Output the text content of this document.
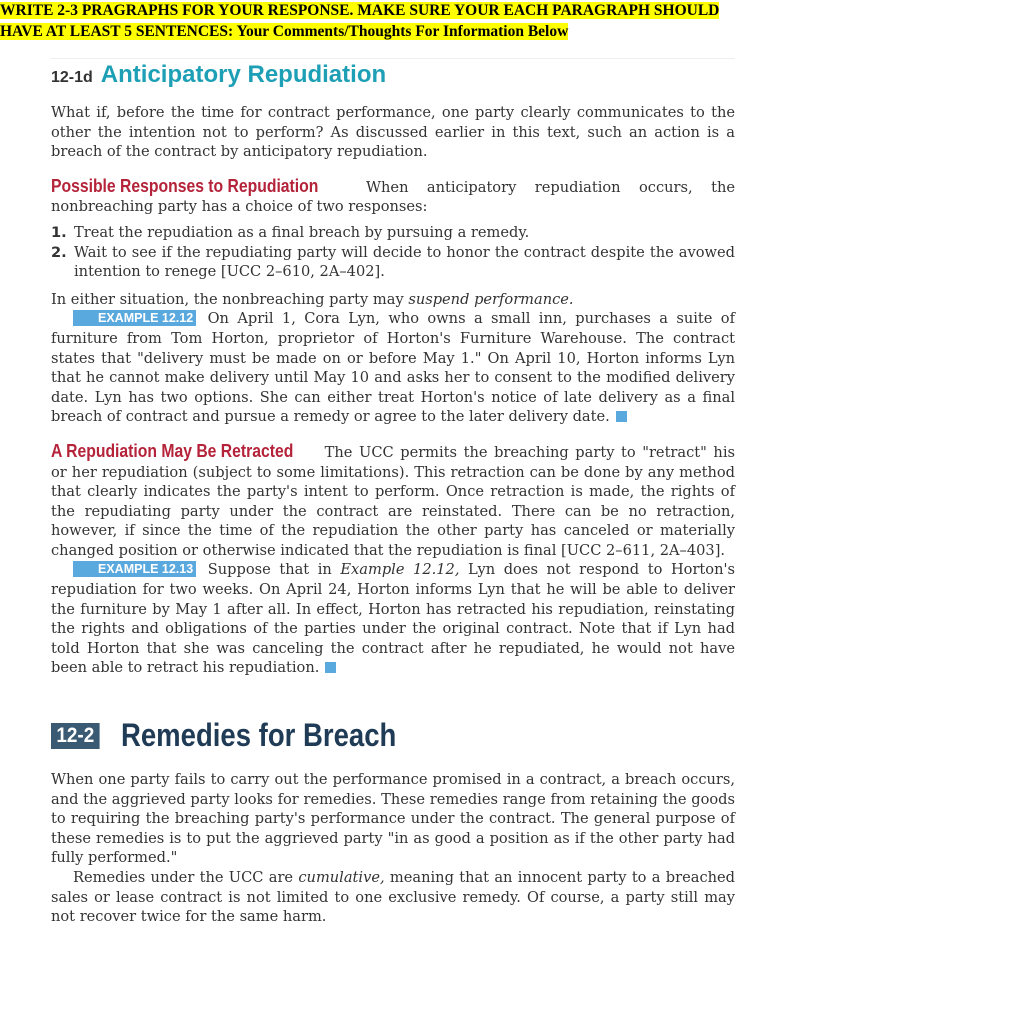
WRITE 2-3 PRAGRAPHS FOR YOUR RESPONSE. MAKE SURE YOUR EACH PARAGRAPH SHOULD
HAVE AT LEAST 5 SENTENCES: Your Comments/Thoughts For Information Below
12-1d Anticipatory Repudiation

What if, before the time for contract performance, one party clearly communicates to the other the intention not to perform? As discussed earlier in this text, such an action is a breach of the contract by anticipatory repudiation.

Possible Responses to Repudiation	When anticipatory repudiation occurs, the nonbreaching party has a choice of two responses:

1. Treat the repudiation as a final breach by pursuing a remedy.
2. Wait to see if the repudiating party will decide to honor the contract despite the avowed intention to renege [UCC 2–610, 2A–402].

In either situation, the nonbreaching party may suspend performance.

EXAMPLE 12.12 On April 1, Cora Lyn, who owns a small inn, purchases a suite of furniture from Tom Horton, proprietor of Horton's Furniture Warehouse. The contract states that "delivery must be made on or before May 1." On April 10, Horton informs Lyn that he cannot make delivery until May 10 and asks her to consent to the modified delivery date. Lyn has two options. She can either treat Horton's notice of late delivery as a final breach of contract and pursue a remedy or agree to the later delivery date.

A Repudiation May Be Retracted The UCC permits the breaching party to "retract" his or her repudiation (subject to some limitations). This retraction can be done by any method that clearly indicates the party's intent to perform. Once retraction is made, the rights of the repudiating party under the contract are reinstated. There can be no retraction, however, if since the time of the repudiation the other party has canceled or materially changed position or otherwise indicated that the repudiation is final [UCC 2–611, 2A–403].

EXAMPLE 12.13 Suppose that in Example 12.12, Lyn does not respond to Horton's repudiation for two weeks. On April 24, Horton informs Lyn that he will be able to deliver the furniture by May 1 after all. In effect, Horton has retracted his repudiation, reinstating the rights and obligations of the parties under the original contract. Note that if Lyn had told Horton that she was canceling the contract after he repudiated, he would not have been able to retract his repudiation.

12-2 Remedies for Breach

When one party fails to carry out the performance promised in a contract, a breach occurs, and the aggrieved party looks for remedies. These remedies range from retaining the goods to requiring the breaching party's performance under the contract. The general purpose of these remedies is to put the aggrieved party "in as good a position as if the other party had fully performed."

Remedies under the UCC are cumulative, meaning that an innocent party to a breached sales or lease contract is not limited to one exclusive remedy. Of course, a party still may not recover twice for the same harm.
